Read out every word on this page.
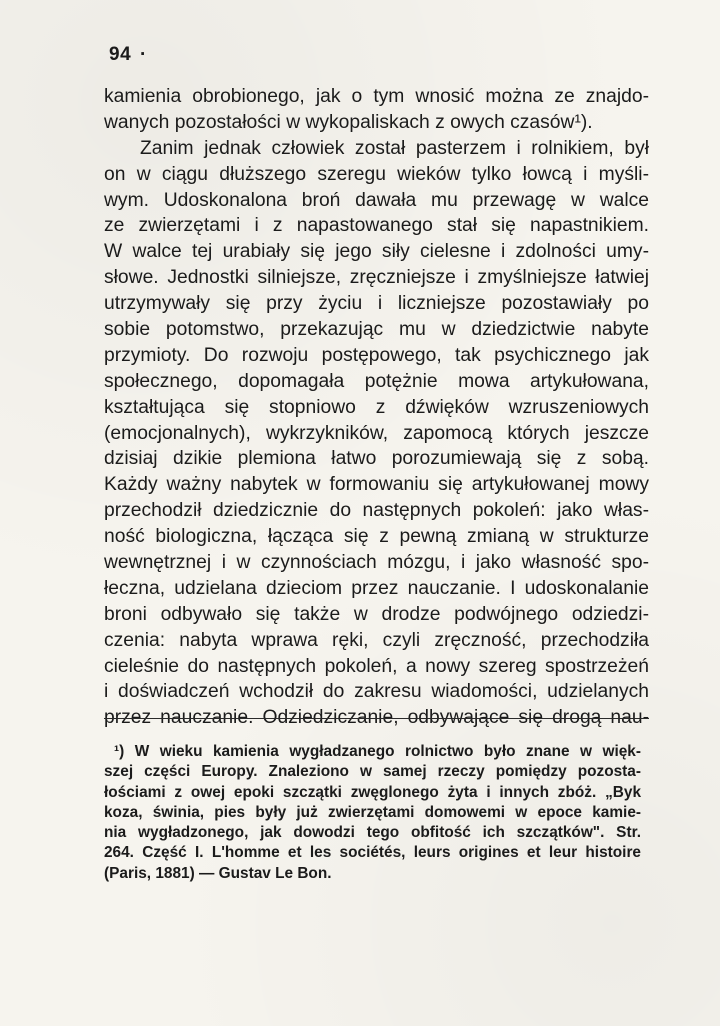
94 ·
kamienia obrobionego, jak o tym wnosić można ze znajdo-
wanych pozostałości w wykopaliskach z owych czasów¹).
Zanim jednak człowiek został pasterzem i rolnikiem, był
on w ciągu dłuższego szeregu wieków tylko łowcą i myśli-
wym. Udoskonalona broń dawała mu przewagę w walce
ze zwierzętami i z napastowanego stał się napastnikiem.
W walce tej urabiały się jego siły cielesne i zdolności umy-
słowe. Jednostki silniejsze, zręczniejsze i zmyślniejsze łatwiej
utrzymywały się przy życiu i liczniejsze pozostawiały po
sobie potomstwo, przekazując mu w dziedzictwie nabyte
przymioty. Do rozwoju postępowego, tak psychicznego jak
społecznego, dopomagała potężnie mowa artykułowana,
kształtująca się stopniowo z dźwięków wzruszeniowych
(emocjonalnych), wykrzykników, zapomocą których jeszcze
dzisiaj dzikie plemiona łatwo porozumiewają się z sobą.
Każdy ważny nabytek w formowaniu się artykułowanej mowy
przechodził dziedzicznie do następnych pokoleń: jako włas-
ność biologiczna, łącząca się z pewną zmianą w strukturze
wewnętrznej i w czynnościach mózgu, i jako własność spo-
łeczna, udzielana dzieciom przez nauczanie. I udoskonalanie
broni odbywało się także w drodze podwójnego odziedzi-
czenia: nabyta wprawa ręki, czyli zręczność, przechodziła
cieleśnie do następnych pokoleń, a nowy szereg spostrzeżeń
i doświadczeń wchodził do zakresu wiadomości, udzielanych
przez nauczanie. Odziedziczanie, odbywające się drogą nau-
¹) W wieku kamienia wygładzanego rolnictwo było znane w więk-
szej części Europy. Znaleziono w samej rzeczy pomiędzy pozosta-
łościami z owej epoki szczątki zwęglonego żyta i innych zbóż. „Byk
koza, świnia, pies były już zwierzętami domowemi w epoce kamie-
nia wygładzonego, jak dowodzi tego obfitość ich szczątków". Str.
264. Część I. L'homme et les sociétés, leurs origines et leur histoire
(Paris, 1881) — Gustav Le Bon.
